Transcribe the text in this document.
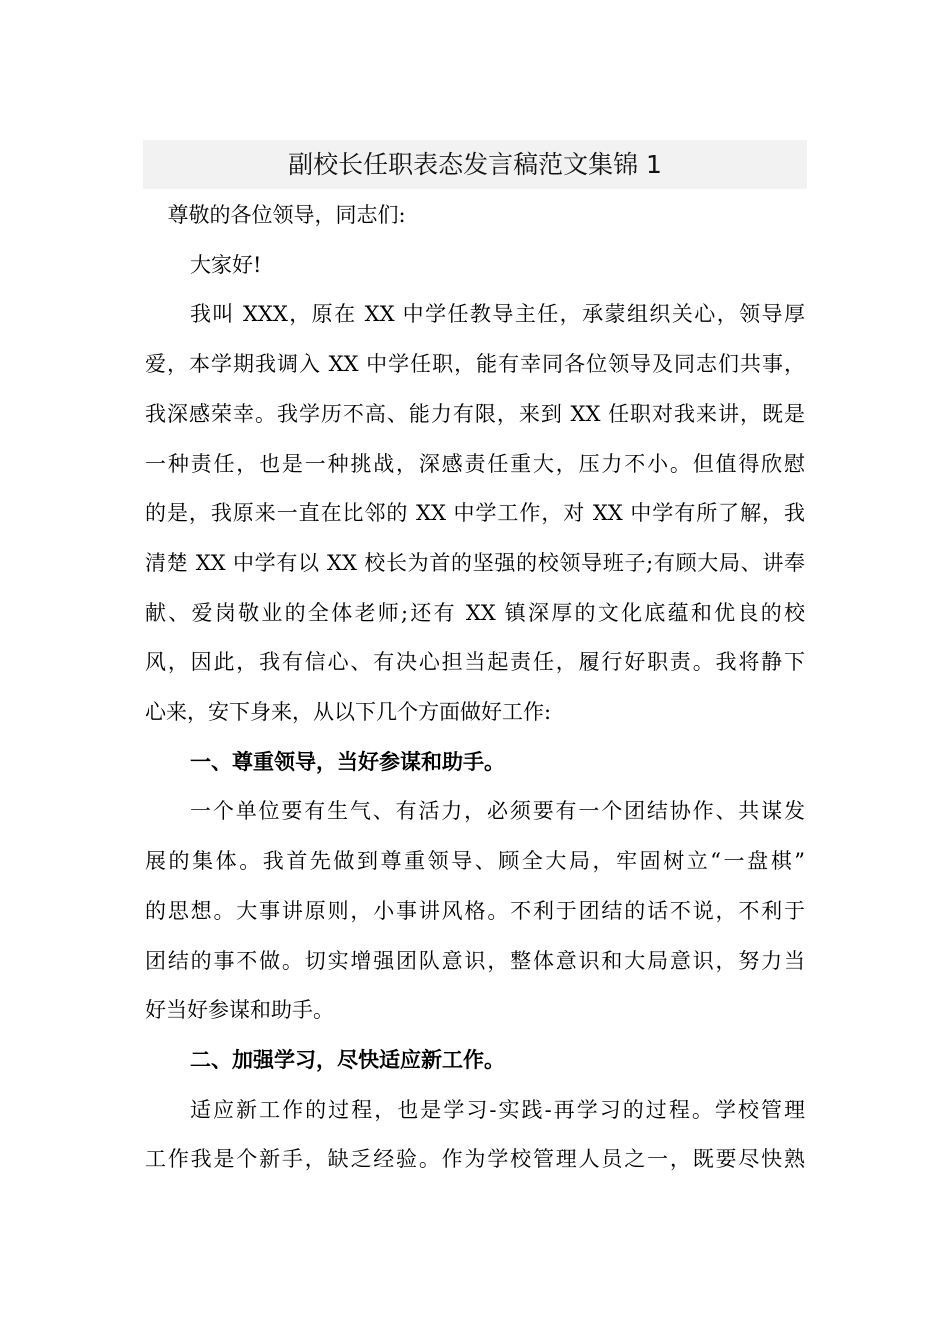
副校长任职表态发言稿范文集锦 1
尊敬的各位领导，同志们:
大家好!
我叫 XXX，原在 XX 中学任教导主任，承蒙组织关心，领导厚
爱，本学期我调入 XX 中学任职，能有幸同各位领导及同志们共事，
我深感荣幸。我学历不高、能力有限，来到 XX 任职对我来讲，既是
一种责任，也是一种挑战，深感责任重大，压力不小。但值得欣慰
的是，我原来一直在比邻的 XX 中学工作，对 XX 中学有所了解，我
清楚 XX 中学有以 XX 校长为首的坚强的校领导班子;有顾大局、讲奉
献、爱岗敬业的全体老师;还有 XX 镇深厚的文化底蕴和优良的校
风，因此，我有信心、有决心担当起责任，履行好职责。我将静下
心来，安下身来，从以下几个方面做好工作:
一、尊重领导，当好参谋和助手。
一个单位要有生气、有活力，必须要有一个团结协作、共谋发
展的集体。我首先做到尊重领导、顾全大局，牢固树立“一盘棋”
的思想。大事讲原则，小事讲风格。不利于团结的话不说，不利于
团结的事不做。切实增强团队意识，整体意识和大局意识，努力当
好当好参谋和助手。
二、加强学习，尽快适应新工作。
适应新工作的过程，也是学习-实践-再学习的过程。学校管理
工作我是个新手，缺乏经验。作为学校管理人员之一，既要尽快熟
